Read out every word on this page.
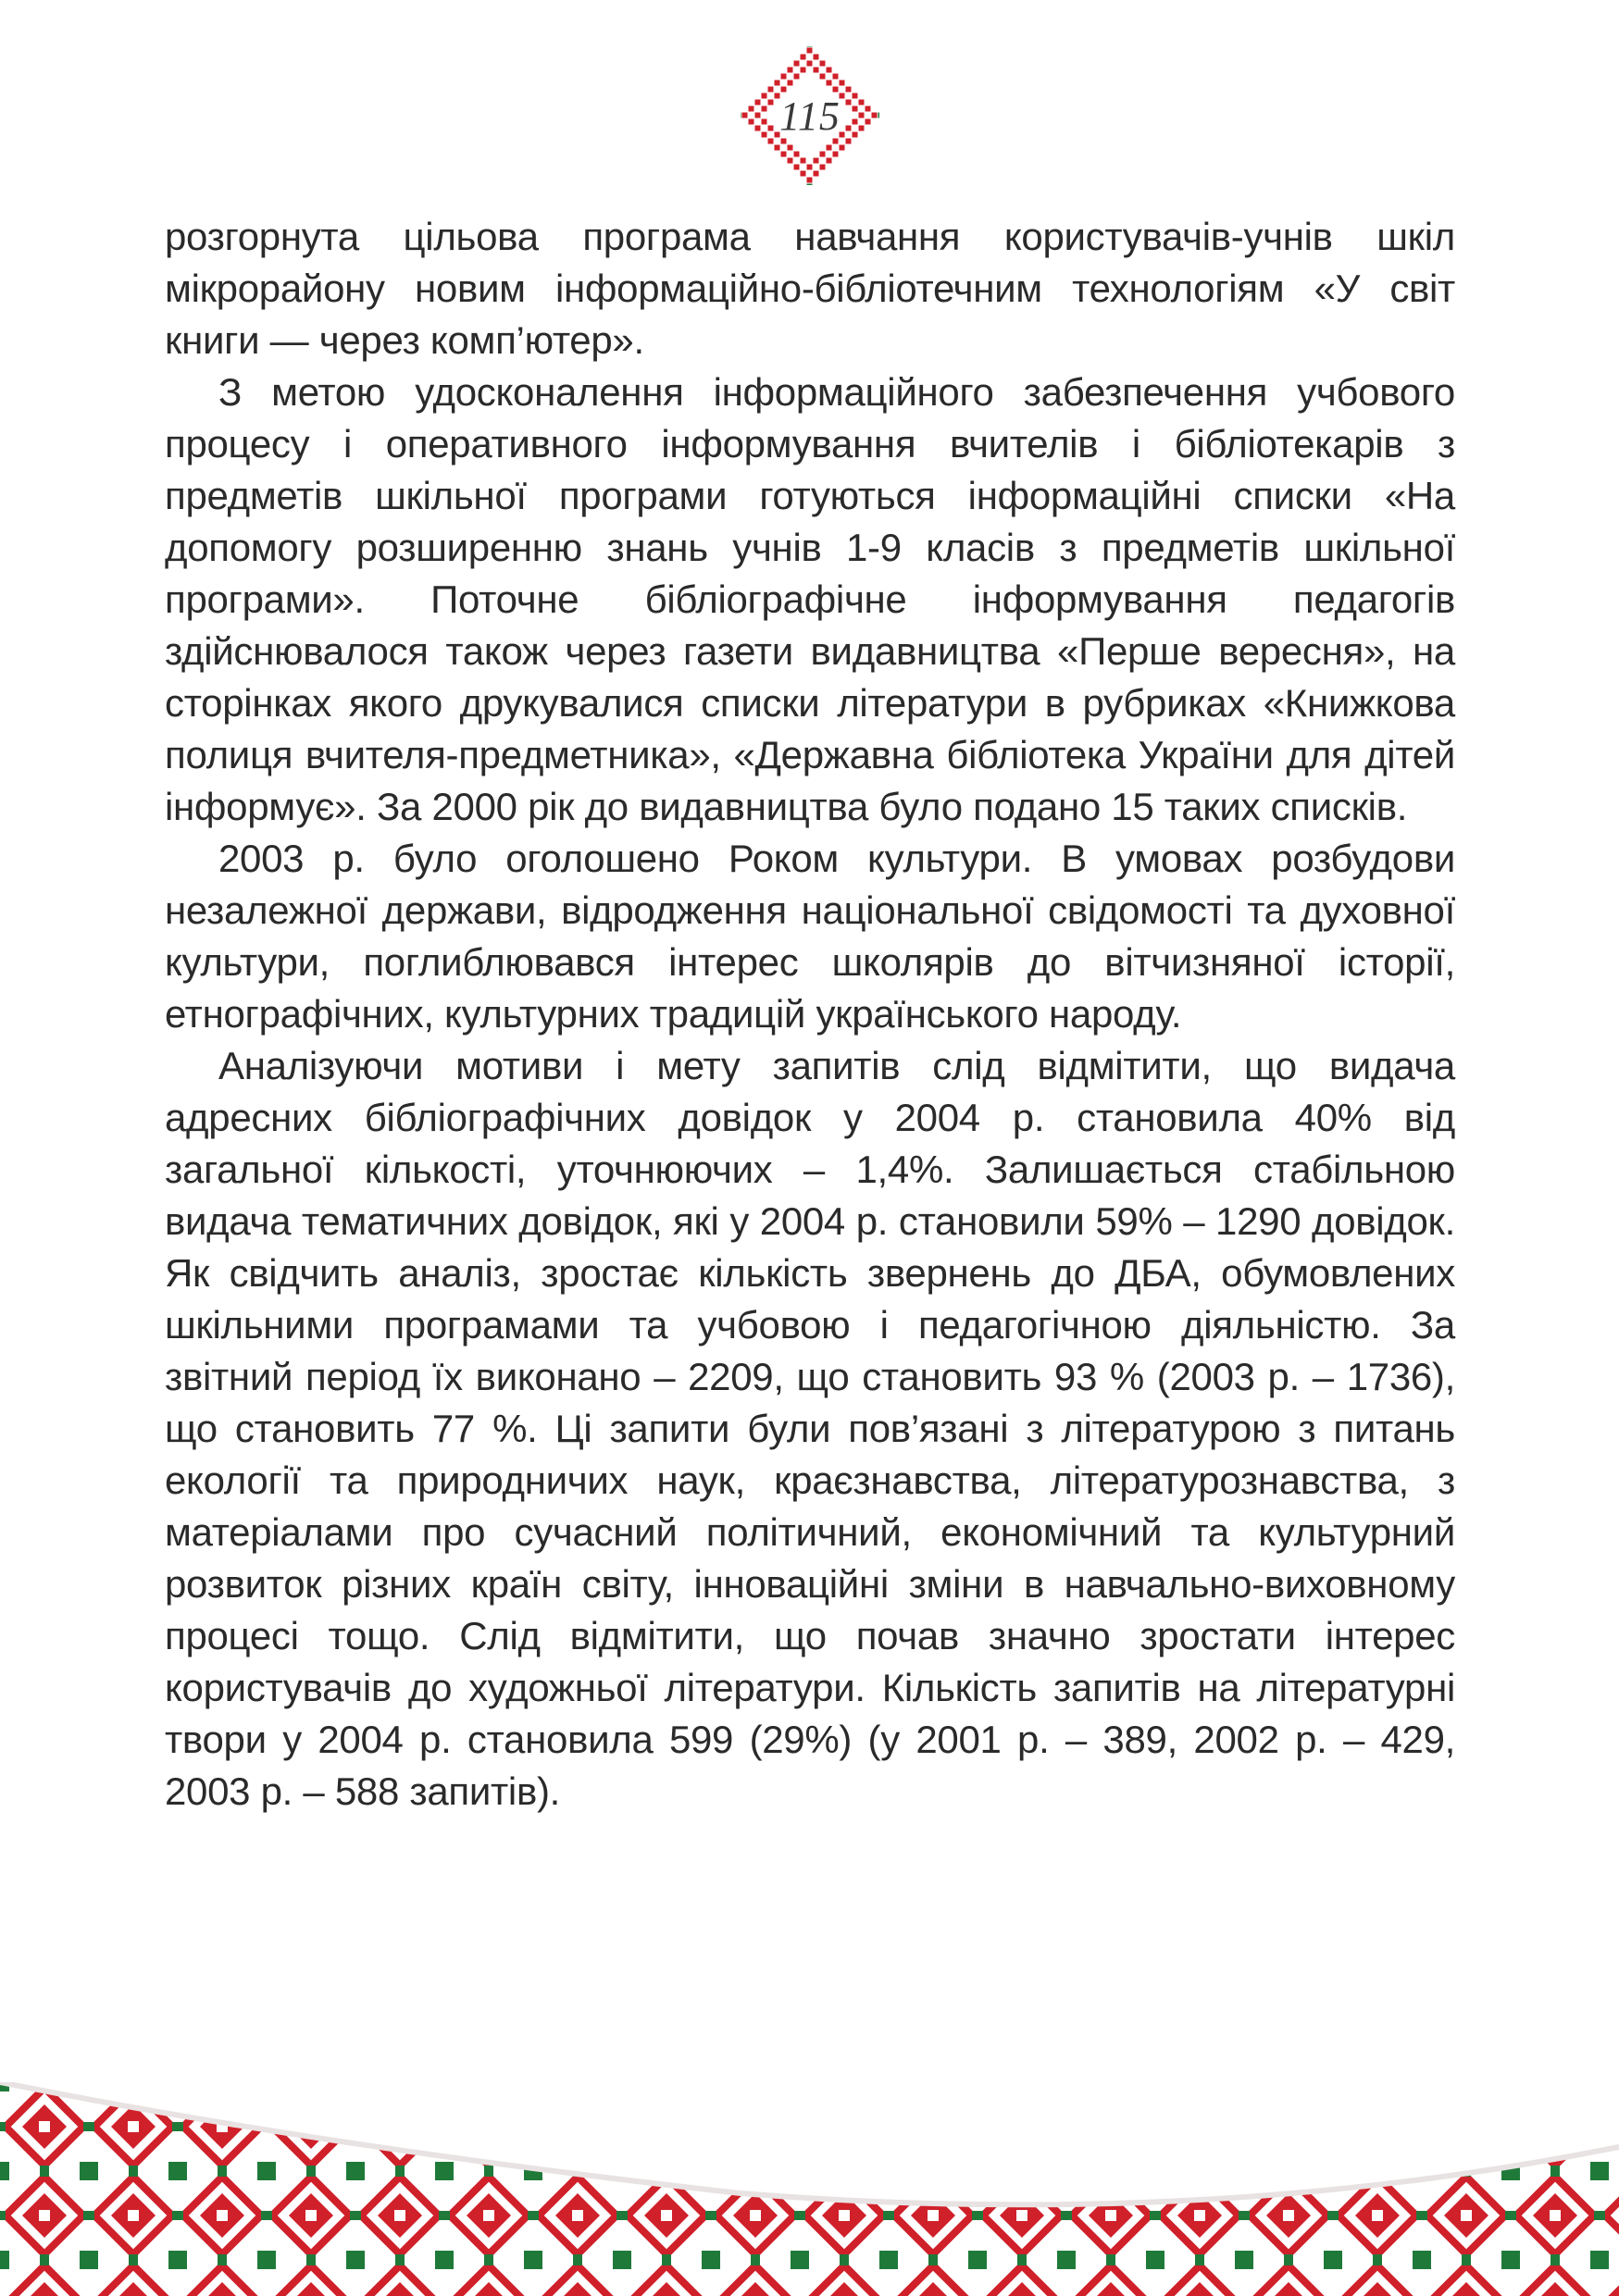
115

розгорнута цільова програма навчання користувачів-учнів шкіл мікрорайону новим інформаційно-бібліотечним технологіям «У світ книги — через комп’ютер».

З метою удосконалення інформаційного забезпечення учбового процесу і оперативного інформування вчителів і бібліотекарів з предметів шкільної програми готуються інформаційні списки «На допомогу розширенню знань учнів 1-9 класів з предметів шкільної програми». Поточне бібліографічне інформування педагогів здійснювалося також через газети видавництва «Перше вересня», на сторінках якого друкувалися списки літератури в рубриках «Книжкова полиця вчителя-предметника», «Державна бібліотека України для дітей інформує». За 2000 рік до видавництва було подано 15 таких списків.

2003 р. було оголошено Роком культури. В умовах розбудови незалежної держави, відродження національної свідомості та духовної культури, поглиблювався інтерес школярів до вітчизняної історії, етнографічних, культурних традицій українського народу.

Аналізуючи мотиви і мету запитів слід відмітити, що видача адресних бібліографічних довідок у 2004 р. становила 40% від загальної кількості, уточнюючих – 1,4%. Залишається стабільною видача тематичних довідок, які у 2004 р. становили 59% – 1290 довідок. Як свідчить аналіз, зростає кількість звернень до ДБА, обумовлених шкільними програмами та учбовою і педагогічною діяльністю. За звітний період їх виконано – 2209, що становить 93 % (2003 р. – 1736), що становить 77 %. Ці запити були пов’язані з літературою з питань екології та природничих наук, краєзнавства, літературознавства, з матеріалами про сучасний політичний, економічний та культурний розвиток різних країн світу, інноваційні зміни в навчально-виховному процесі тощо. Слід відмітити, що почав значно зростати інтерес користувачів до художньої літератури. Кількість запитів на літературні твори у 2004 р. становила 599 (29%) (у 2001 р. – 389, 2002 р. – 429, 2003 р. – 588 запитів).
